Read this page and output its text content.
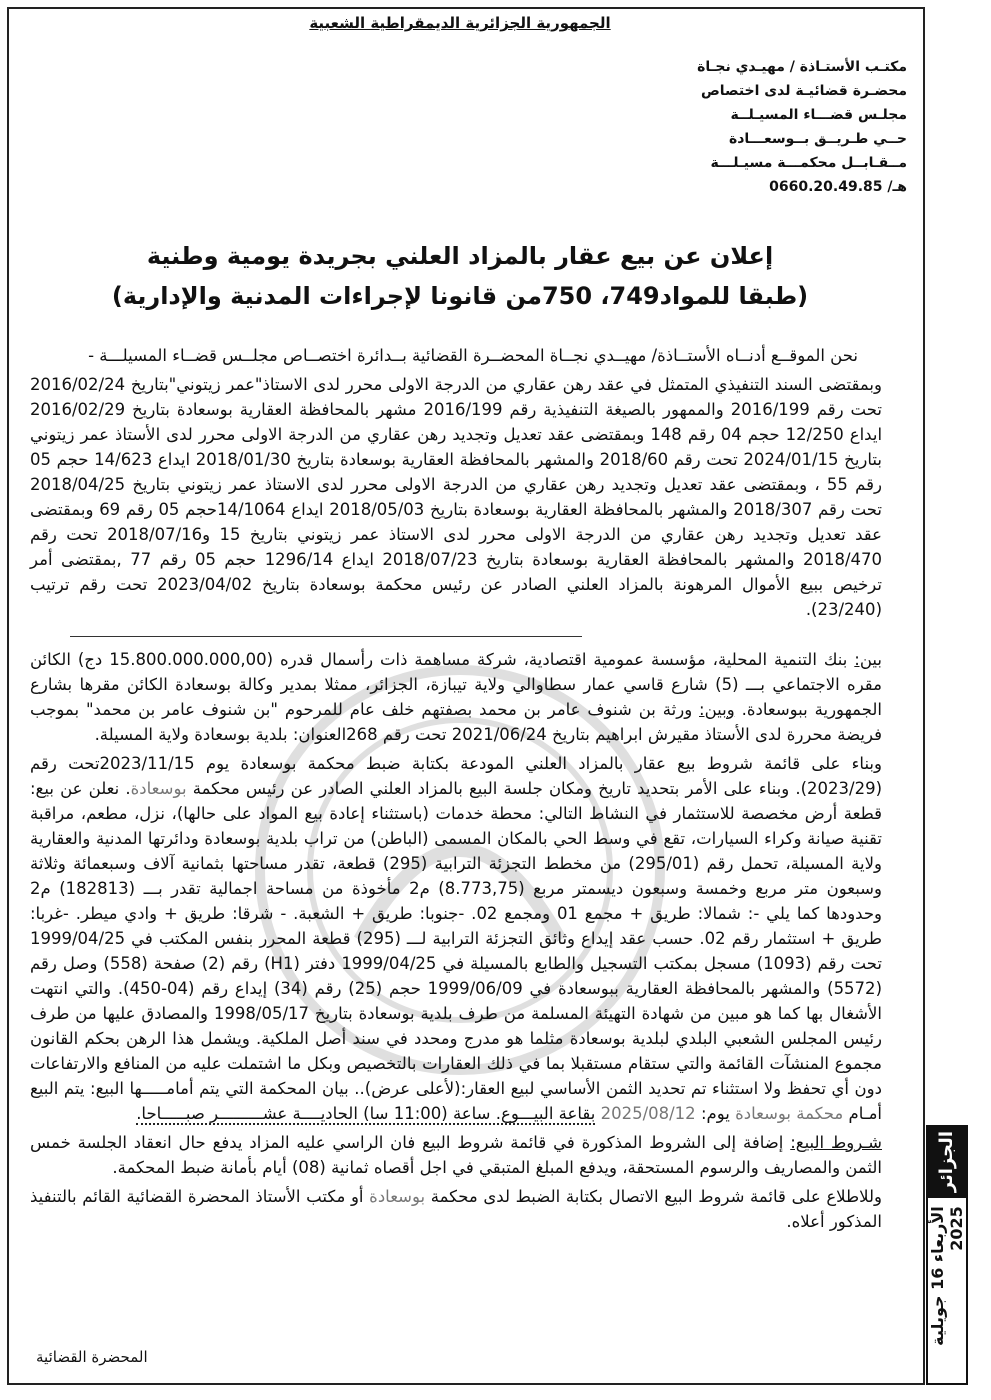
الجمهورية الجزائرية الديمقراطية الشعبية
مكتـب الأستـاذة / مهيـدي نجـاة
محضـرة قضائيـة لدى اختصاص
مجلـس قضـــاء المسيـلــة
حــي طـريــق بــوسعـــادة
مــقـابــل محكمـــة مسيـلـــة
هـ/ 0660.20.49.85
إعلان عن بيع عقار بالمزاد العلني بجريدة يومية وطنية
(طبقا للمواد749، 750من قانونا لإجراءات المدنية والإدارية)

نحن الموقــع أدنــاه الأستــاذة/ مهيــدي نجــاة المحضــرة القضائية بــدائرة اختصــاص مجلــس قضــاء المسيلـــة -

وبمقتضى السند التنفيذي المتمثل في عقد رهن عقاري من الدرجة الاولى محرر لدى الاستاذ"عمر زيتوني"بتاريخ 2016/02/24 تحت رقم 2016/199 والممهور بالصيغة التنفيذية رقم 2016/199 مشهر بالمحافظة العقارية بوسعادة بتاريخ 2016/02/29 ايداع 12/250 حجم 04 رقم 148 وبمقتضى عقد تعديل وتجديد رهن عقاري من الدرجة الاولى محرر لدى الأستاذ عمر زيتوني بتاريخ 2024/01/15 تحت رقم 2018/60 والمشهر بالمحافظة العقارية بوسعادة بتاريخ 2018/01/30 ايداع 14/623 حجم 05 رقم 55 ، وبمقتضى عقد تعديل وتجديد رهن عقاري من الدرجة الاولى محرر لدى الاستاذ عمر زيتوني بتاريخ 2018/04/25 تحت رقم 2018/307 والمشهر بالمحافظة العقارية بوسعادة بتاريخ 2018/05/03 ايداع 14/1064حجم 05 رقم 69 وبمقتضى عقد تعديل وتجديد رهن عقاري من الدرجة الاولى محرر لدى الاستاذ عمر زيتوني بتاريخ 15 و2018/07/16 تحت رقم 2018/470 والمشهر بالمحافظة العقارية بوسعادة بتاريخ 2018/07/23 ايداع 1296/14 حجم 05 رقم 77 ,بمقتضى أمر ترخيص ببيع الأموال المرهونة بالمزاد العلني الصادر عن رئيس محكمة بوسعادة بتاريخ 2023/04/02 تحت رقم ترتيب (23/240).

بين: بنك التنمية المحلية، مؤسسة عمومية اقتصادية، شركة مساهمة ذات رأسمال قدره (15.800.000.000,00 دج) الكائن مقره الاجتماعي بـــ (5) شارع قاسي عمار سطاوالي ولاية تيبازة، الجزائر، ممثلا بمدير وكالة بوسعادة الكائن مقرها بشارع الجمهورية ببوسعادة. وبين: ورثة بن شنوف عامر بن محمد بصفتهم خلف عام للمرحوم "بن شنوف عامر بن محمد" بموجب فريضة محررة لدى الأستاذ مقيرش ابراهيم بتاريخ 2021/06/24 تحت رقم 268العنوان: بلدية بوسعادة ولاية المسيلة.

وبناء على قائمة شروط بيع عقار بالمزاد العلني المودعة بكتابة ضبط محكمة بوسعادة يوم 2023/11/15تحت رقم (2023/29). وبناء على الأمر بتحديد تاريخ ومكان جلسة البيع بالمزاد العلني الصادر عن رئيس محكمة بوسعادة. نعلن عن بيع: قطعة أرض مخصصة للاستثمار في النشاط التالي: محطة خدمات (باستثناء إعادة بيع المواد على حالها)، نزل، مطعم، مراقبة تقنية صيانة وكراء السيارات، تقع في وسط الحي بالمكان المسمى (الباطن) من تراب بلدية بوسعادة ودائرتها المدنية والعقارية ولاية المسيلة، تحمل رقم (295/01) من مخطط التجزئة الترابية (295) قطعة، تقدر مساحتها بثمانية آلاف وسبعمائة وثلاثة وسبعون متر مربع وخمسة وسبعون ديسمتر مربع (8.773,75) م2 مأخوذة من مساحة اجمالية تقدر بـــ (182813) م2 وحدودها كما يلي -: شمالا: طريق + مجمع 01 ومجمع 02. -جنوبا: طريق + الشعبة. - شرقا: طريق + وادي ميطر. -غربا: طريق + استثمار رقم 02. حسب عقد إيداع وثائق التجزئة الترابية لـــ (295) قطعة المحرر بنفس المكتب في 1999/04/25 تحت رقم (1093) مسجل بمكتب التسجيل والطابع بالمسيلة في 1999/04/25 دفتر (H1) رقم (2) صفحة (558) وصل رقم (5572) والمشهر بالمحافظة العقارية ببوسعادة في 1999/06/09 حجم (25) رقم (34) إيداع رقم (04-450). والتي انتهت الأشغال بها كما هو مبين من شهادة التهيئة المسلمة من طرف بلدية بوسعادة بتاريخ 1998/05/17 والمصادق عليها من طرف رئيس المجلس الشعبي البلدي لبلدية بوسعادة مثلما هو مدرج ومحدد في سند أصل الملكية. ويشمل هذا الرهن بحكم القانون مجموع المنشآت القائمة والتي ستقام مستقبلا بما في ذلك العقارات بالتخصيص وبكل ما اشتملت عليه من المنافع والارتفاعات دون أي تحفظ ولا استثناء تم تحديد الثمن الأساسي لبيع العقار:(لأعلى عرض).. بيان المحكمة التي يتم أمامـــــها البيع: يتم البيع أمـام محكمة بوسعادة يوم: 2025/08/12 بقاعة البيـــوع. ساعة (11:00 سا) الحاديــــة عشـــــــــر صبـــــاحا.

شـروط البيع: إضافة إلى الشروط المذكورة في قائمة شروط البيع فان الراسي عليه المزاد يدفع حال انعقاد الجلسة خمس الثمن والمصاريف والرسوم المستحقة، ويدفع المبلغ المتبقي في اجل أقصاه ثمانية (08) أيام بأمانة ضبط المحكمة.

وللاطلاع على قائمة شروط البيع الاتصال بكتابة الضبط لدى محكمة بوسعادة أو مكتب الأستاذ المحضرة القضائية القائم بالتنفيذ المذكور أعلاه.

المحضرة القضائية
الجزائر
الأربعاء 16 جويلية 2025
